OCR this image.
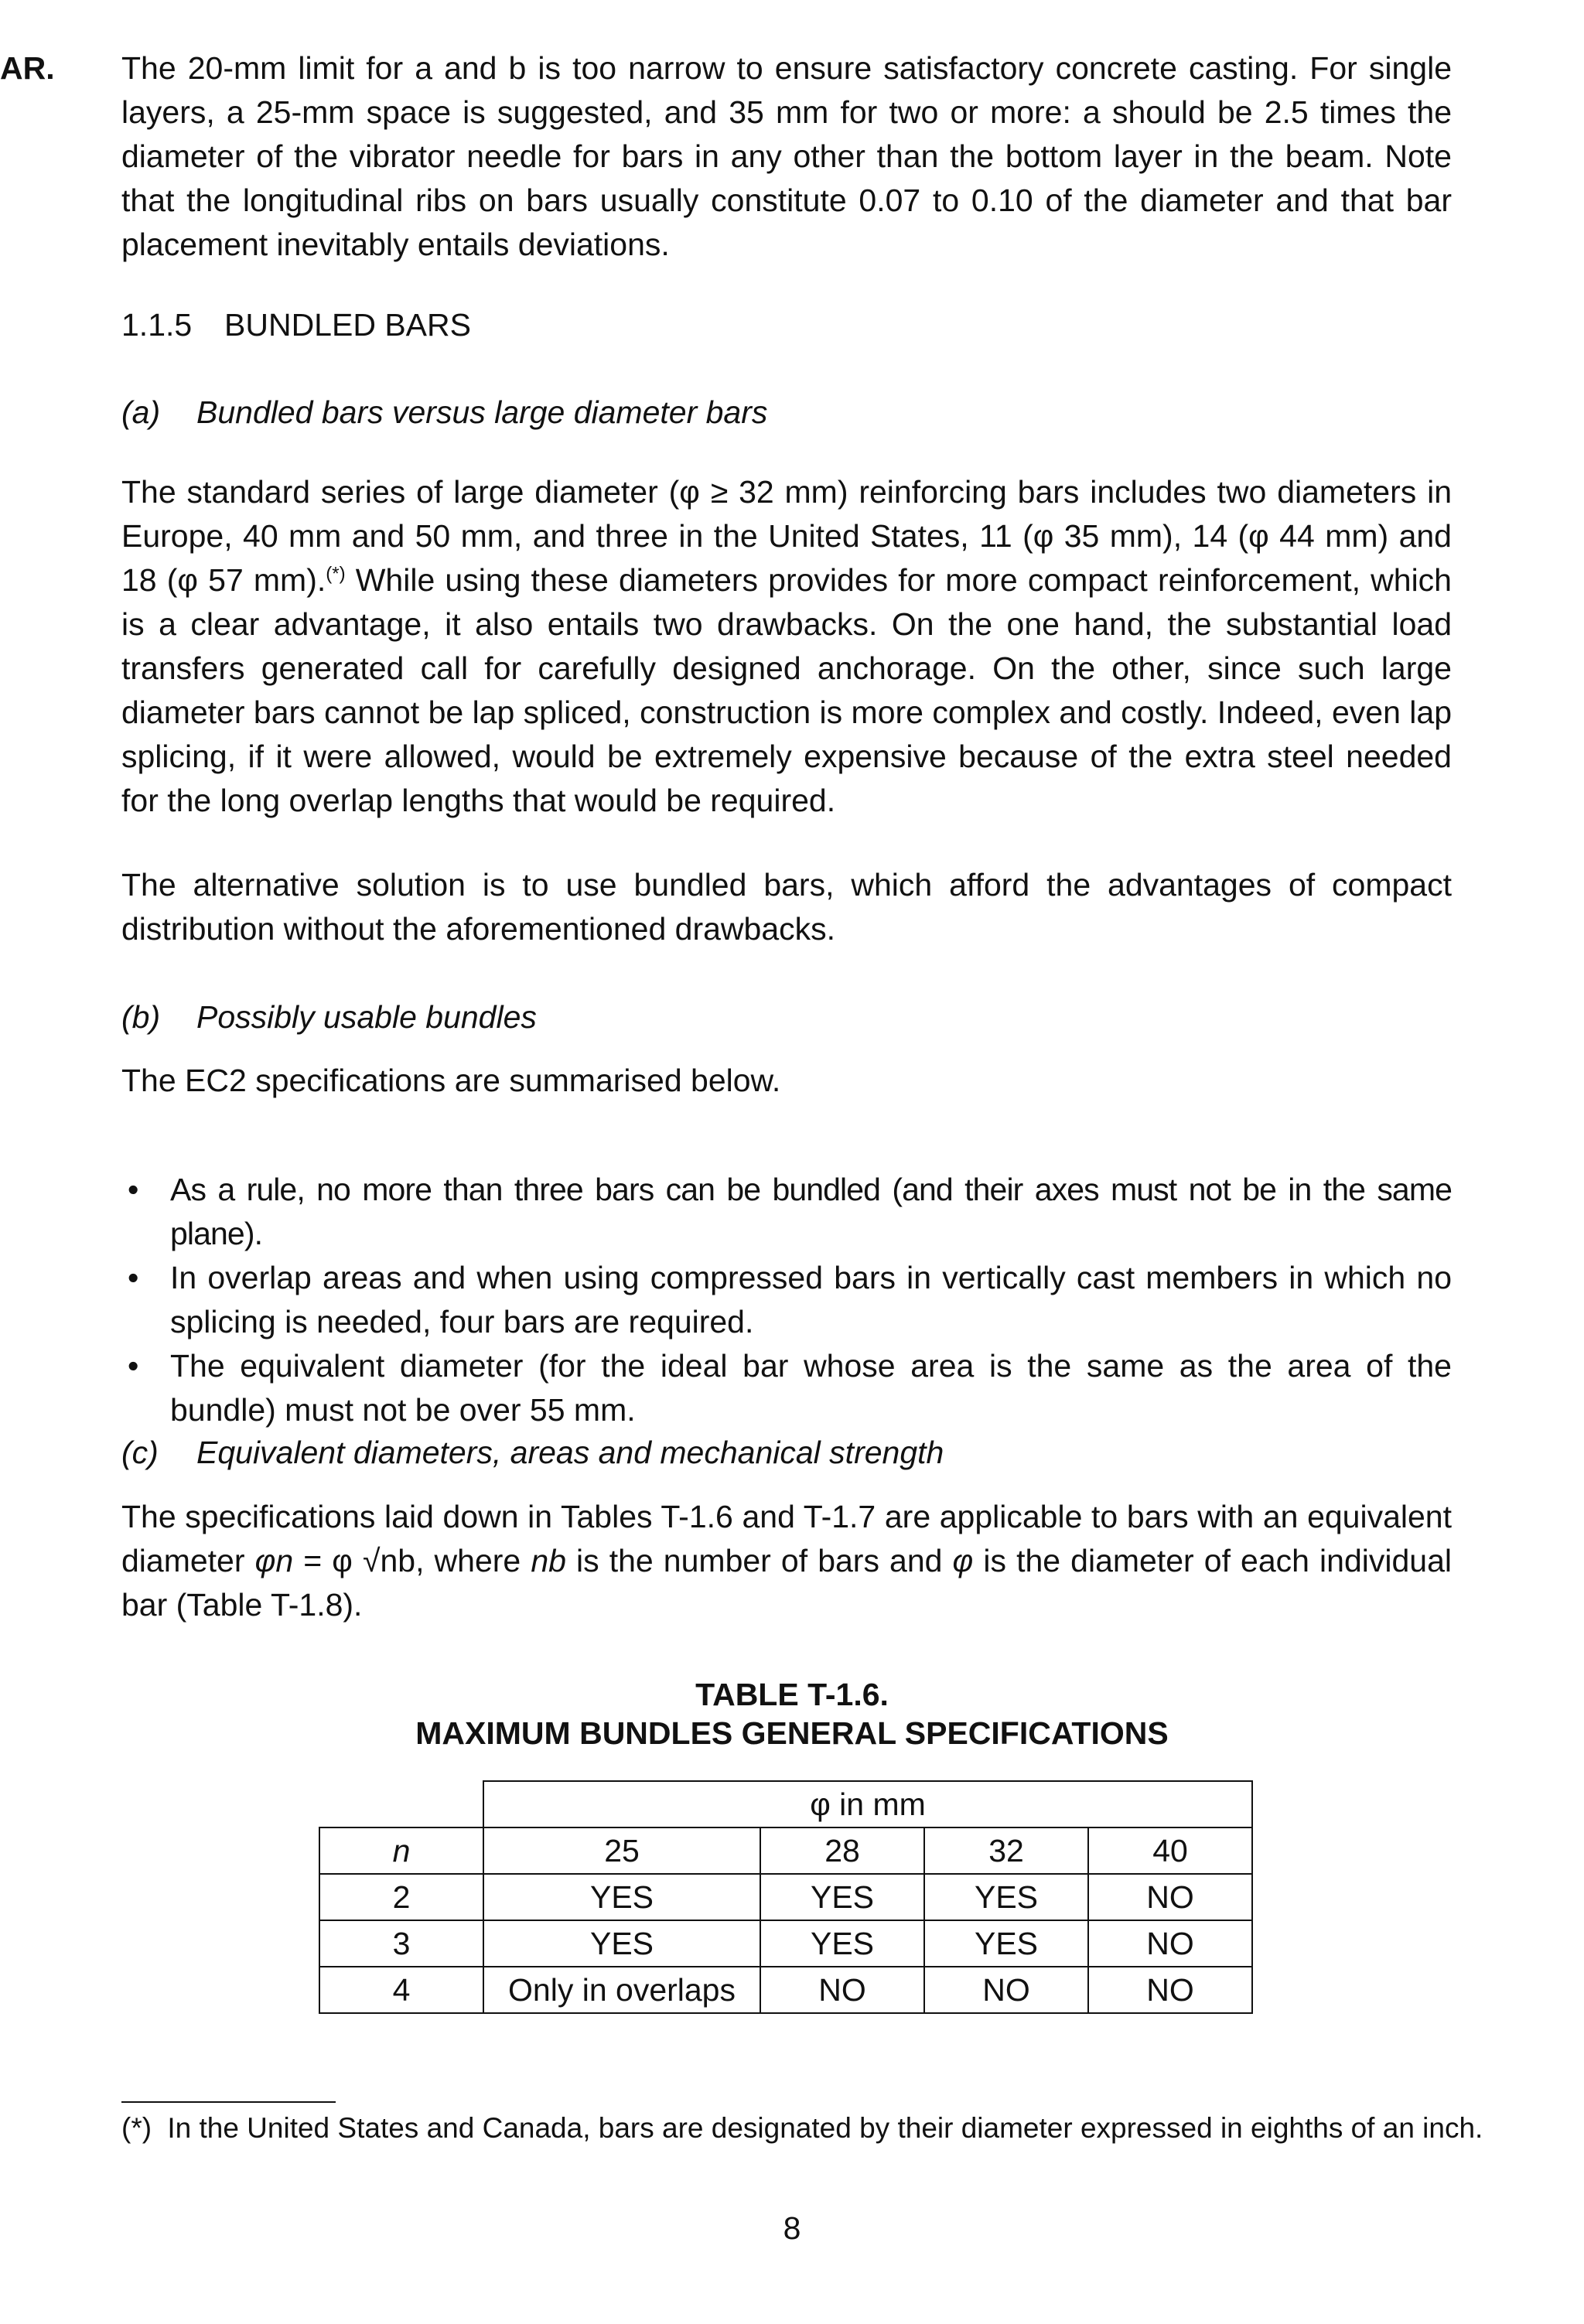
AR. The 20-mm limit for a and b is too narrow to ensure satisfactory concrete casting. For single layers, a 25-mm space is suggested, and 35 mm for two or more: a should be 2.5 times the diameter of the vibrator needle for bars in any other than the bottom layer in the beam. Note that the longitudinal ribs on bars usually constitute 0.07 to 0.10 of the diameter and that bar placement inevitably entails deviations.

1.1.5 BUNDLED BARS
(a) Bundled bars versus large diameter bars

The standard series of large diameter (φ ≥ 32 mm) reinforcing bars includes two diameters in Europe, 40 mm and 50 mm, and three in the United States, 11 (φ 35 mm), 14 (φ 44 mm) and 18 (φ 57 mm).(*) While using these diameters provides for more compact reinforcement, which is a clear advantage, it also entails two drawbacks. On the one hand, the substantial load transfers generated call for carefully designed anchorage. On the other, since such large diameter bars cannot be lap spliced, construction is more complex and costly. Indeed, even lap splicing, if it were allowed, would be extremely expensive because of the extra steel needed for the long overlap lengths that would be required.

The alternative solution is to use bundled bars, which afford the advantages of compact distribution without the aforementioned drawbacks.

(b) Possibly usable bundles

The EC2 specifications are summarised below.

• As a rule, no more than three bars can be bundled (and their axes must not be in the same plane).
• In overlap areas and when using compressed bars in vertically cast members in which no splicing is needed, four bars are required.
• The equivalent diameter (for the ideal bar whose area is the same as the area of the bundle) must not be over 55 mm.
(c) Equivalent diameters, areas and mechanical strength

The specifications laid down in Tables T-1.6 and T-1.7 are applicable to bars with an equivalent diameter φn = φ √nb, where nb is the number of bars and φ is the diameter of each individual bar (Table T-1.8).

TABLE T-1.6.
MAXIMUM BUNDLES GENERAL SPECIFICATIONS
	φ in mm			
n	25	28	32	40
2	YES	YES	YES	NO
3	YES	YES	YES	NO
4	Only in overlaps	NO	NO	NO
(*) In the United States and Canada, bars are designated by their diameter expressed in eighths of an inch.
8
